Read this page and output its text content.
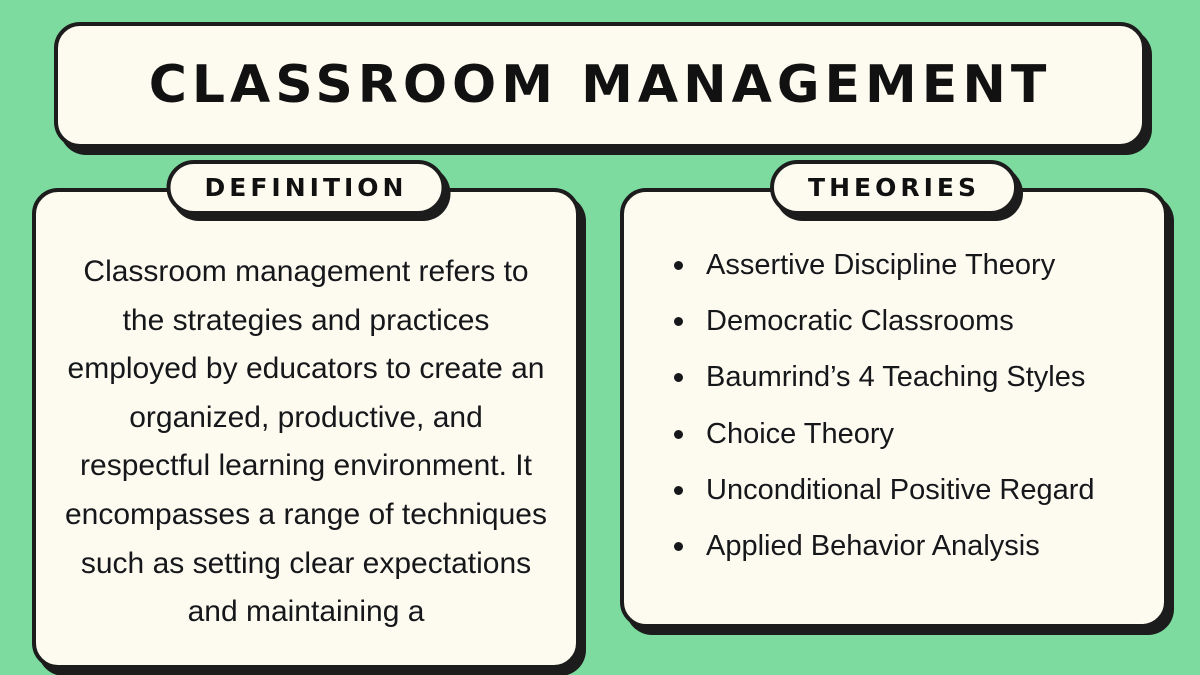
CLASSROOM MANAGEMENT
DEFINITION

Classroom management refers to the strategies and practices employed by educators to create an organized, productive, and respectful learning environment. It encompasses a range of techniques such as setting clear expectations and maintaining a

THEORIES
Assertive Discipline Theory
Democratic Classrooms
Baumrind’s 4 Teaching Styles
Choice Theory
Unconditional Positive Regard
Applied Behavior Analysis
